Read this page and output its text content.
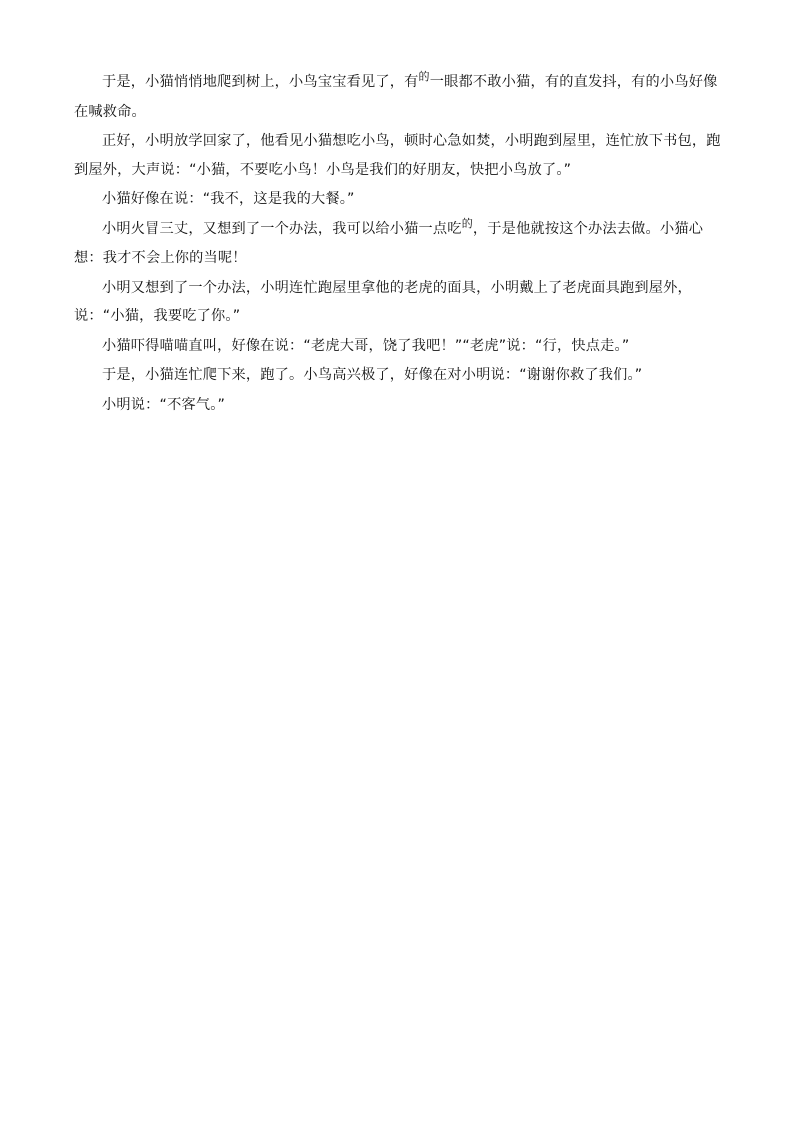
于是，小猫悄悄地爬到树上，小鸟宝宝看见了，有$^的$一眼都不敢小猫，有的直发抖，有的小鸟好像在喊救命。

正好，小明放学回家了，他看见小猫想吃小鸟，顿时心急如焚，小明跑到屋里，连忙放下书包，跑到屋外，大声说：“小猫，不要吃小鸟！小鸟是我们的好朋友，快把小鸟放了。”

小猫好像在说：“我不，这是我的大餐。”

小明火冒三丈，又想到了一个办法，我可以给小猫一点吃$^的$，于是他就按这个办法去做。小猫心想：我才不会上你的当呢！

小明又想到了一个办法，小明连忙跑屋里拿他的老虎的面具，小明戴上了老虎面具跑到屋外，说：“小猫，我要吃了你。”

小猫吓得喵喵直叫，好像在说：“老虎大哥，饶了我吧！”“老虎”说：“行，快点走。”

于是，小猫连忙爬下来，跑了。小鸟高兴极了，好像在对小明说：“谢谢你救了我们。”

小明说：“不客气。”
